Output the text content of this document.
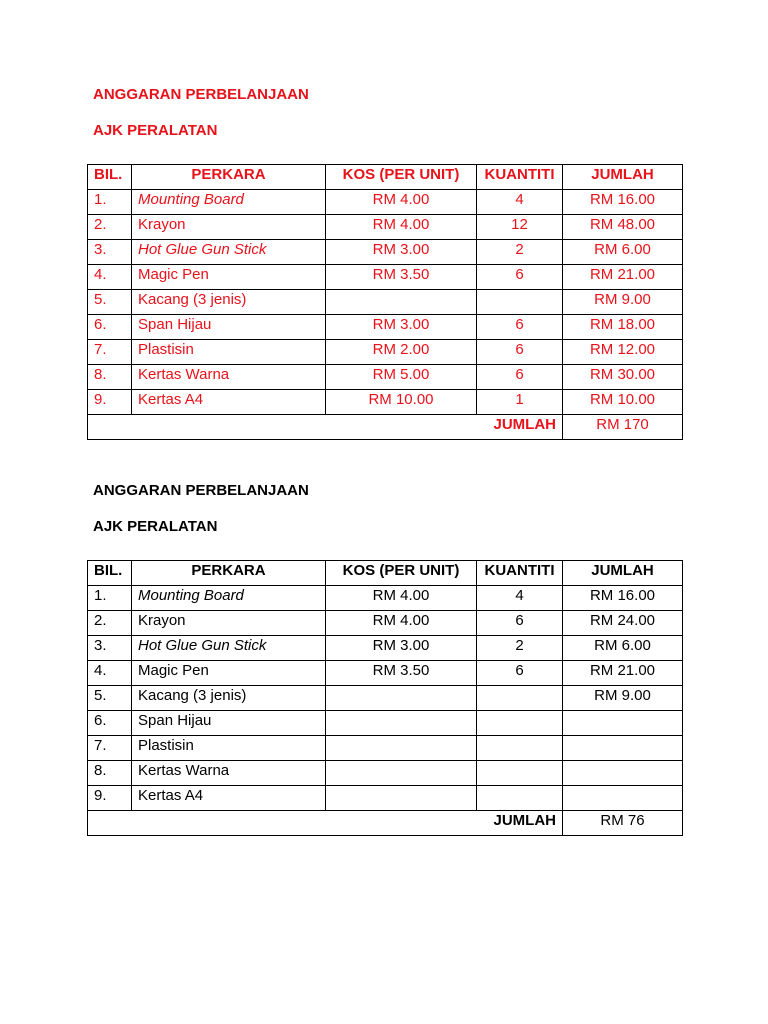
ANGGARAN PERBELANJAAN

AJK PERALATAN

BIL.	PERKARA	KOS (PER UNIT)	KUANTITI	JUMLAH
1.	Mounting Board	RM 4.00	4	RM 16.00
2.	Krayon	RM 4.00	12	RM 48.00
3.	Hot Glue Gun Stick	RM 3.00	2	RM 6.00
4.	Magic Pen	RM 3.50	6	RM 21.00
5.	Kacang (3 jenis)			RM 9.00
6.	Span Hijau	RM 3.00	6	RM 18.00
7.	Plastisin	RM 2.00	6	RM 12.00
8.	Kertas Warna	RM 5.00	6	RM 30.00
9.	Kertas A4	RM 10.00	1	RM 10.00
JUMLAH				RM 170

ANGGARAN PERBELANJAAN

AJK PERALATAN

BIL.	PERKARA	KOS (PER UNIT)	KUANTITI	JUMLAH
1.	Mounting Board	RM 4.00	4	RM 16.00
2.	Krayon	RM 4.00	6	RM 24.00
3.	Hot Glue Gun Stick	RM 3.00	2	RM 6.00
4.	Magic Pen	RM 3.50	6	RM 21.00
5.	Kacang (3 jenis)			RM 9.00
6.	Span Hijau			
7.	Plastisin			
8.	Kertas Warna			
9.	Kertas A4			
JUMLAH				RM 76
